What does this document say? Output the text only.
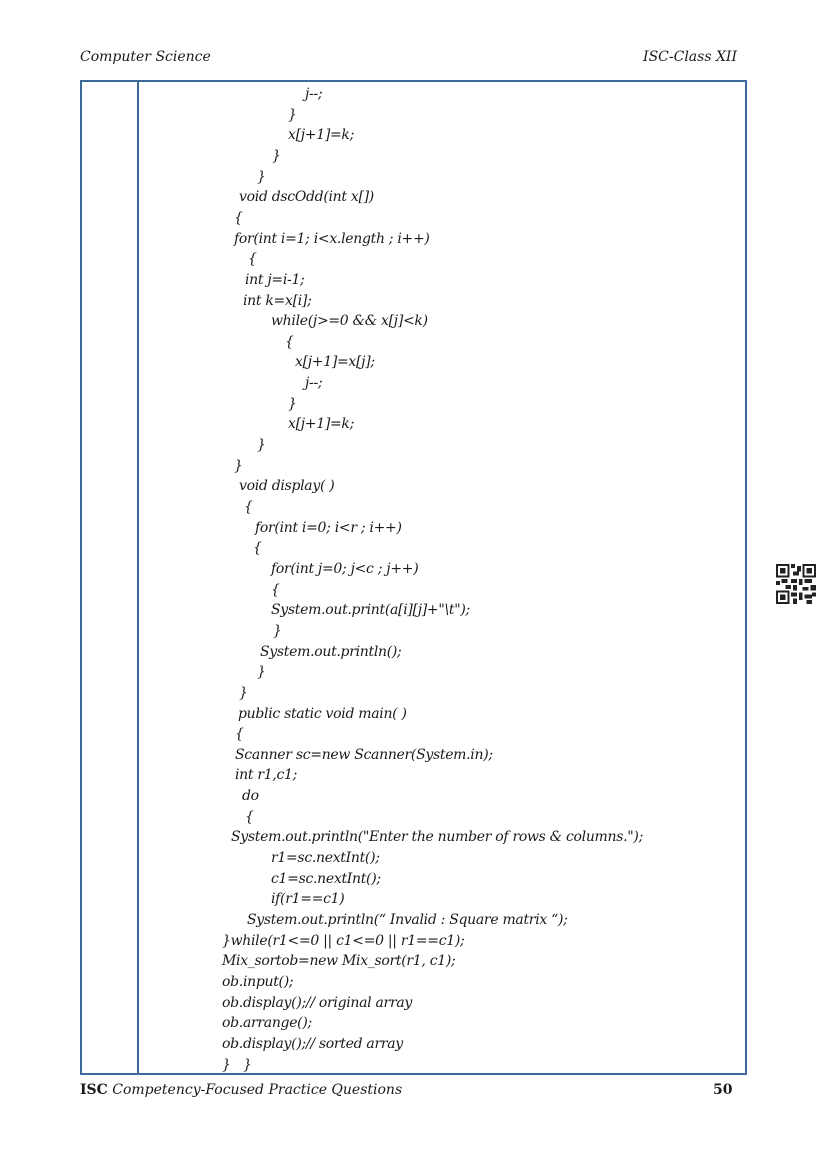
Computer Science	ISC-Class XII
j--;
}
x[j+1]=k;
}
}
void dscOdd(int x[])
{
for(int i=1; i<x.length ; i++)
{
int j=i-1;
int k=x[i];
while(j>=0 && x[j]<k)
{
x[j+1]=x[j];
j--;
}
x[j+1]=k;
}
}
void display( )
{
for(int i=0; i<r ; i++)
{
for(int j=0; j<c ; j++)
{
System.out.print(a[i][j]+"\t");
}
System.out.println();
}
}
public static void main( )
{
Scanner sc=new Scanner(System.in);
int r1,c1;
do
{
System.out.println("Enter the number of rows & columns.");
r1=sc.nextInt();
c1=sc.nextInt();
if(r1==c1)
System.out.println(“ Invalid : Square matrix “);
}while(r1<=0 || c1<=0 || r1==c1);
Mix_sortob=new Mix_sort(r1, c1);
ob.input();
ob.display();// original array
ob.arrange();
ob.display();// sorted array
}   }
ISC Competency-Focused Practice Questions	50
